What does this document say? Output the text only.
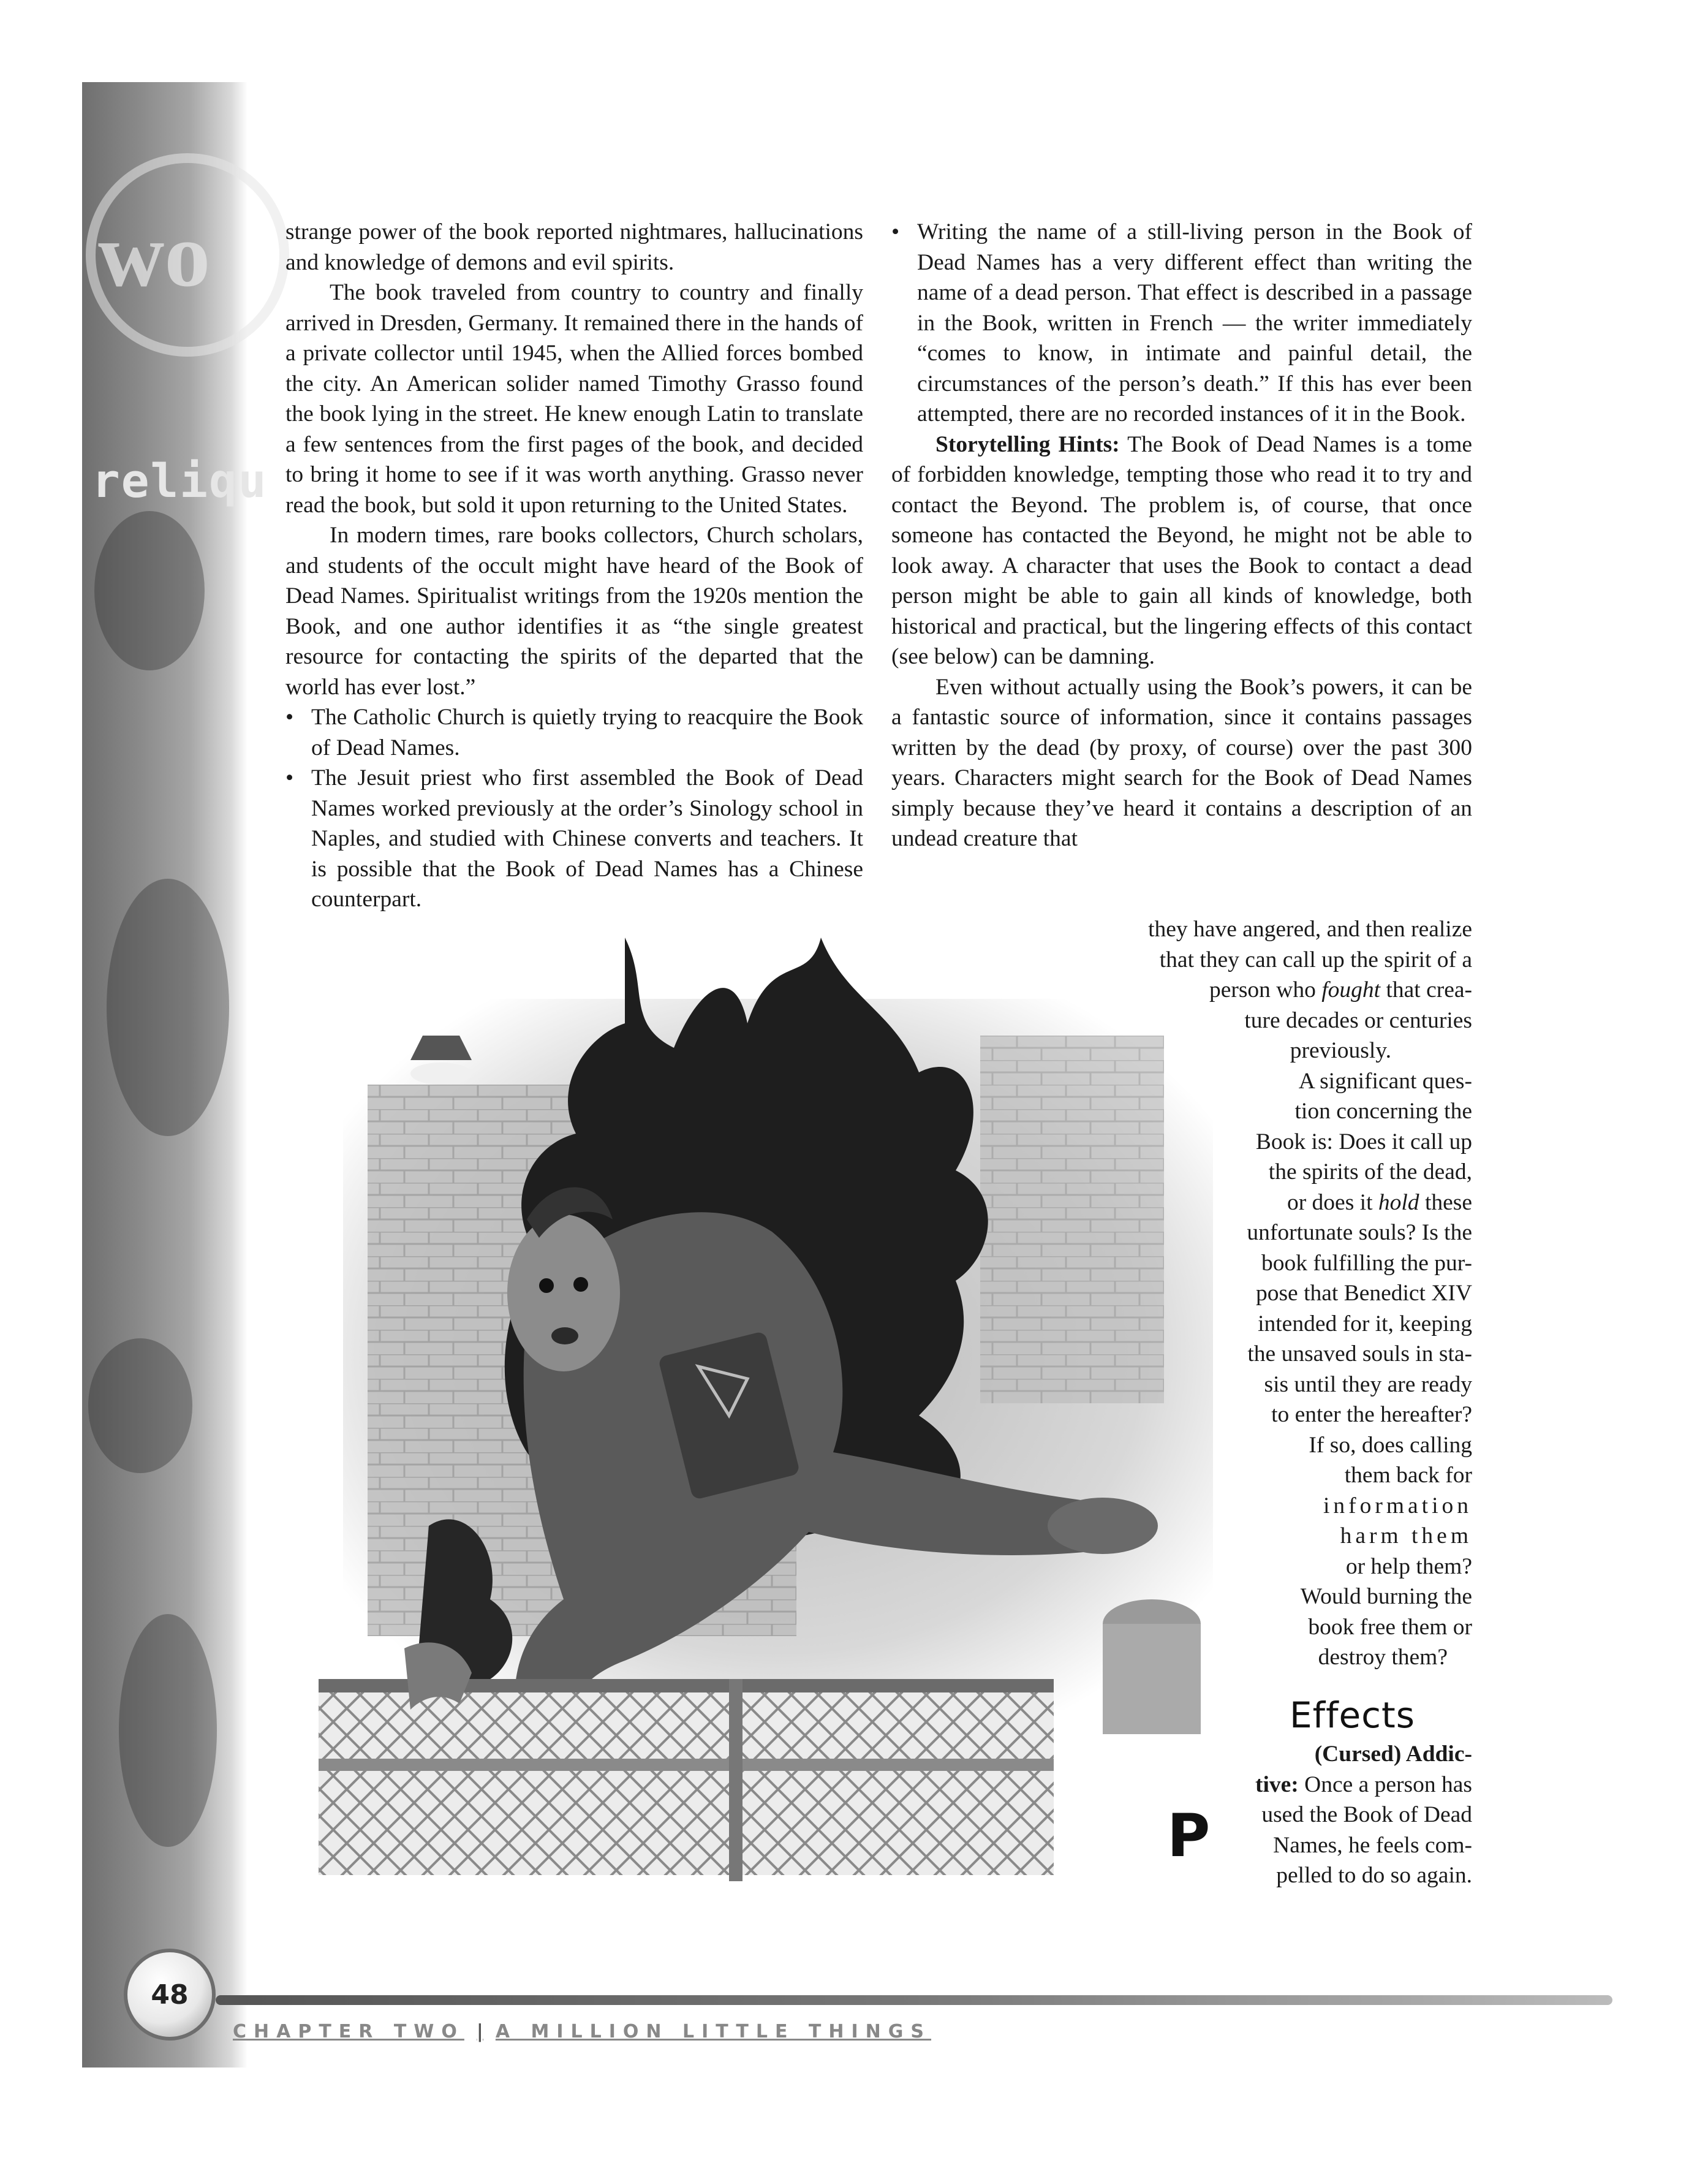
wo
reliqu

strange power of the book reported nightmares, hallucinations and knowledge of demons and evil spirits.

The book traveled from country to country and finally arrived in Dresden, Germany. It remained there in the hands of a private collector until 1945, when the Allied forces bombed the city. An American solider named Timothy Grasso found the book lying in the street. He knew enough Latin to translate a few sentences from the first pages of the book, and decided to bring it home to see if it was worth anything. Grasso never read the book, but sold it upon returning to the United States.

In modern times, rare books collectors, Church scholars, and students of the occult might have heard of the Book of Dead Names. Spiritualist writings from the 1920s mention the Book, and one author identifies it as “the single greatest resource for contacting the spirits of the departed that the world has ever lost.”

• The Catholic Church is quietly trying to reacquire the Book of Dead Names.

• The Jesuit priest who first assembled the Book of Dead Names worked previously at the order’s Sinology school in Naples, and studied with Chinese converts and teachers. It is possible that the Book of Dead Names has a Chinese counterpart.

• Writing the name of a still-living person in the Book of Dead Names has a very different effect than writing the name of a dead person. That effect is described in a passage in the Book, written in French — the writer immediately “comes to know, in intimate and painful detail, the circumstances of the person’s death.” If this has ever been attempted, there are no recorded instances of it in the Book.

Storytelling Hints: The Book of Dead Names is a tome of forbidden knowledge, tempting those who read it to try and contact the Beyond. The problem is, of course, that once someone has contacted the Beyond, he might not be able to look away. A character that uses the Book to contact a dead person might be able to gain all kinds of knowledge, both historical and practical, but the lingering effects of this contact (see below) can be damning.

Even without actually using the Book’s powers, it can be a fantastic source of information, since it contains passages written by the dead (by proxy, of course) over the past 300 years. Characters might search for the Book of Dead Names simply because they’ve heard it contains a description of an undead creature that

P
they have angered, and then realize
that they can call up the spirit of a
person who fought that crea-
ture decades or centuries
previously.
A significant ques-
tion concerning the
Book is: Does it call up
the spirits of the dead,
or does it hold these
unfortunate souls? Is the
book fulfilling the pur-
pose that Benedict XIV
intended for it, keeping
the unsaved souls in sta-
sis until they are ready
to enter the hereafter?
If so, does calling
them back for
information
harm them
or help them?
Would burning the
book free them or
destroy them?
Effects
(Cursed) Addic-
tive: Once a person has
used the Book of Dead
Names, he feels com-
pelled to do so again.
48
CHAPTER TWO | A MILLION LITTLE THINGS
